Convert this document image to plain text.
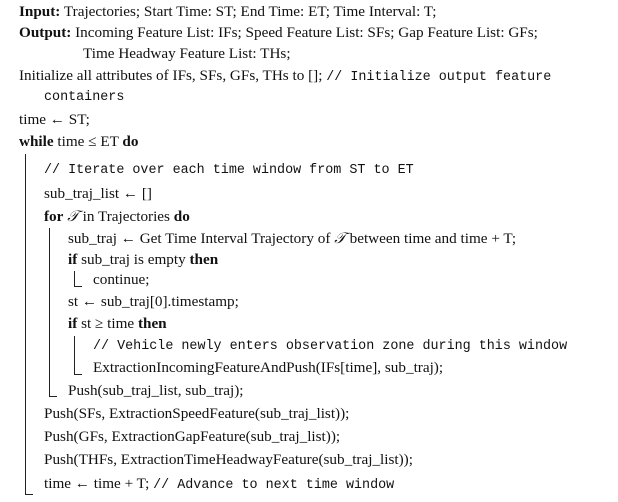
Input: Trajectories; Start Time: ST; End Time: ET; Time Interval: T;
Output: Incoming Feature List: IFs; Speed Feature List: SFs; Gap Feature List: GFs;
Time Headway Feature List: THs;
Initialize all attributes of IFs, SFs, GFs, THs to []; // Initialize output feature
containers
time ← ST;
while time ≤ ET do
// Iterate over each time window from ST to ET
sub_traj_list ← []
for 𝒯 in Trajectories do
sub_traj ← Get Time Interval Trajectory of 𝒯 between time and time + T;
if sub_traj is empty then
continue;
st ← sub_traj[0].timestamp;
if st ≥ time then
// Vehicle newly enters observation zone during this window
ExtractionIncomingFeatureAndPush(IFs[time], sub_traj);
Push(sub_traj_list, sub_traj);
Push(SFs, ExtractionSpeedFeature(sub_traj_list));
Push(GFs, ExtractionGapFeature(sub_traj_list));
Push(THFs, ExtractionTimeHeadwayFeature(sub_traj_list));
time ← time + T; // Advance to next time window
